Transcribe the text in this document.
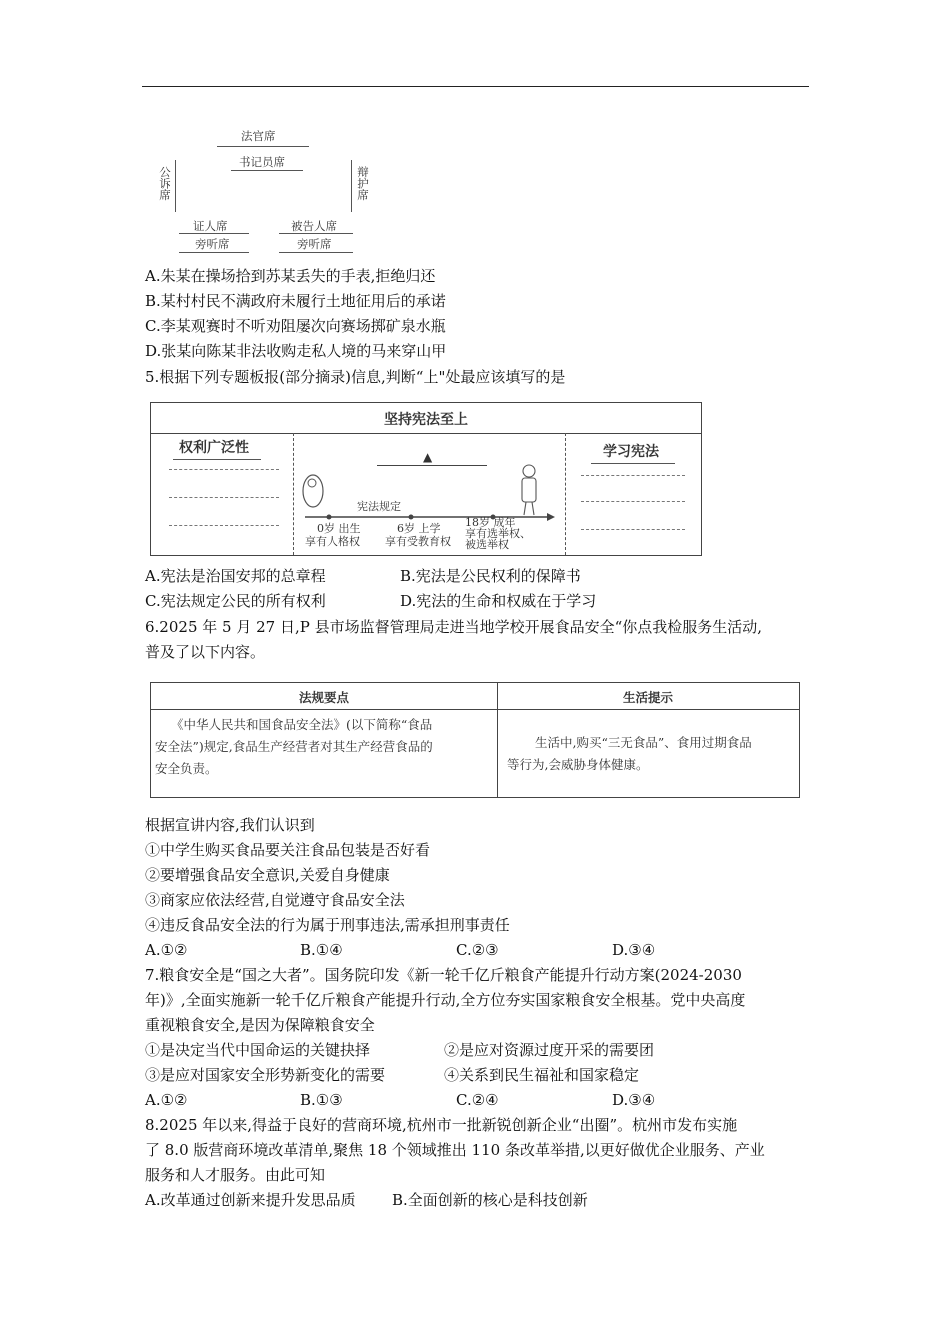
法官席
书记员席
公诉席	辩护席
证人席	被告人席
旁听席	旁听席
A.朱某在操场拾到苏某丢失的手表,拒绝归还
B.某村村民不满政府未履行土地征用后的承诺
C.李某观赛时不听劝阻屡次向赛场掷矿泉水瓶
D.张某向陈某非法收购走私人境的马来穿山甲
5.根据下列专题板报(部分摘录)信息,判断“上"处最应该填写的是
坚持宪法至上
权利广泛性	学习宪法
▲
宪法规定
0岁 出生
享有人格权
6岁 上学
享有受教育权
18岁 成年
享有选举权、
被选举权
A.宪法是治国安邦的总章程	B.宪法是公民权利的保障书
C.宪法规定公民的所有权利	D.宪法的生命和权威在于学习
6.2025 年 5 月 27 日,P 县市场监督管理局走进当地学校开展食品安全“你点我检服务生活动,
普及了以下内容。
法规要点	生活提示
《中华人民共和国食品安全法》(以下简称“食品
安全法”)规定,食品生产经营者对其生产经营食品的
安全负责。
生活中,购买“三无食品”、食用过期食品
等行为,会威胁身体健康。
根据宣讲内容,我们认识到
①中学生购买食品要关注食品包装是否好看
②要增强食品安全意识,关爱自身健康
③商家应依法经营,自觉遵守食品安全法
④违反食品安全法的行为属于刑事违法,需承担刑事责任
A.①②	B.①④	C.②③	D.③④
7.粮食安全是“国之大者”。国务院印发《新一轮千亿斤粮食产能提升行动方案(2024-2030
年)》,全面实施新一轮千亿斤粮食产能提升行动,全方位夯实国家粮食安全根基。党中央高度
重视粮食安全,是因为保障粮食安全
①是决定当代中国命运的关键抉择	②是应对资源过度开采的需要团
③是应对国家安全形势新变化的需要	④关系到民生福祉和国家稳定
A.①②	B.①③	C.②④	D.③④
8.2025 年以来,得益于良好的营商环境,杭州市一批新锐创新企业“出圈”。杭州市发布实施
了 8.0 版营商环境改革清单,聚焦 18 个领域推出 110 条改革举措,以更好做优企业服务、产业
服务和人才服务。由此可知
A.改革通过创新来提升发思品质 B.全面创新的核心是科技创新
